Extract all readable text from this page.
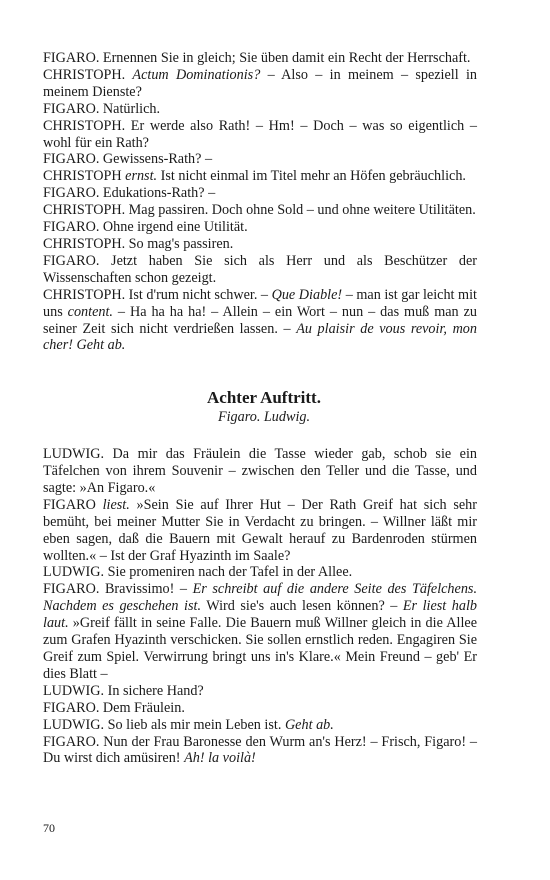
FIGARO. Ernennen Sie in gleich; Sie üben damit ein Recht der Herrschaft.
CHRISTOPH. Actum Dominationis? – Also – in meinem – speziell in meinem Dienste?
FIGARO. Natürlich.
CHRISTOPH. Er werde also Rath! – Hm! – Doch – was so eigentlich – wohl für ein Rath?
FIGARO. Gewissens-Rath? –
CHRISTOPH ernst. Ist nicht einmal im Titel mehr an Höfen gebräuchlich.
FIGARO. Edukations-Rath? –
CHRISTOPH. Mag passiren. Doch ohne Sold – und ohne weitere Utilitäten.
FIGARO. Ohne irgend eine Utilität.
CHRISTOPH. So mag's passiren.
FIGARO. Jetzt haben Sie sich als Herr und als Beschützer der Wissenschaften schon gezeigt.
CHRISTOPH. Ist d'rum nicht schwer. – Que Diable! – man ist gar leicht mit uns content. – Ha ha ha ha! – Allein – ein Wort – nun – das muß man zu seiner Zeit sich nicht verdrießen lassen. – Au plaisir de vous revoir, mon cher! Geht ab.
Achter Auftritt.
Figaro. Ludwig.
LUDWIG. Da mir das Fräulein die Tasse wieder gab, schob sie ein Täfelchen von ihrem Souvenir – zwischen den Teller und die Tasse, und sagte: »An Figaro.«
FIGARO liest. »Sein Sie auf Ihrer Hut – Der Rath Greif hat sich sehr bemüht, bei meiner Mutter Sie in Verdacht zu bringen. – Willner läßt mir eben sagen, daß die Bauern mit Gewalt herauf zu Bardenroden stürmen wollten.« – Ist der Graf Hyazinth im Saale?
LUDWIG. Sie promeniren nach der Tafel in der Allee.
FIGARO. Bravissimo! – Er schreibt auf die andere Seite des Täfelchens. Nachdem es geschehen ist. Wird sie's auch lesen können? – Er liest halb laut. »Greif fällt in seine Falle. Die Bauern muß Willner gleich in die Allee zum Grafen Hyazinth verschicken. Sie sollen ernstlich reden. Engagiren Sie Greif zum Spiel. Verwirrung bringt uns in's Klare.« Mein Freund – geb' Er dies Blatt –
LUDWIG. In sichere Hand?
FIGARO. Dem Fräulein.
LUDWIG. So lieb als mir mein Leben ist. Geht ab.
FIGARO. Nun der Frau Baronesse den Wurm an's Herz! – Frisch, Figaro! – Du wirst dich amüsiren! Ah! la voilà!
70
